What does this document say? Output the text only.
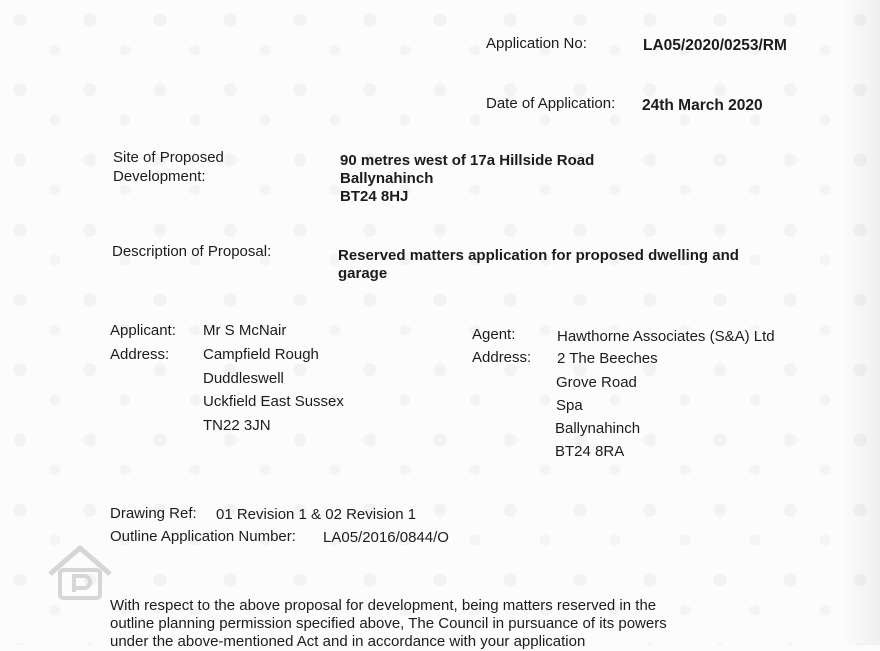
Application No:	LA05/2020/0253/RM
Date of Application: 24th March 2020
Site of Proposed
Development:
90 metres west of 17a Hillside Road
Ballynahinch
BT24 8HJ
Description of Proposal:	Reserved matters application for proposed dwelling and
garage
Applicant: Mr S McNair
Address: Campfield Rough
Duddleswell
Uckfield East Sussex
TN22 3JN
Agent:	Hawthorne Associates (S&A) Ltd
Address: 2 The Beeches
Grove Road
Spa
Ballynahinch
BT24 8RA
Drawing Ref: 01 Revision 1 & 02 Revision 1
Outline Application Number: LA05/2016/0844/O
With respect to the above proposal for development, being matters reserved in the
outline planning permission specified above, The Council in pursuance of its powers
under the above-mentioned Act and in accordance with your application
